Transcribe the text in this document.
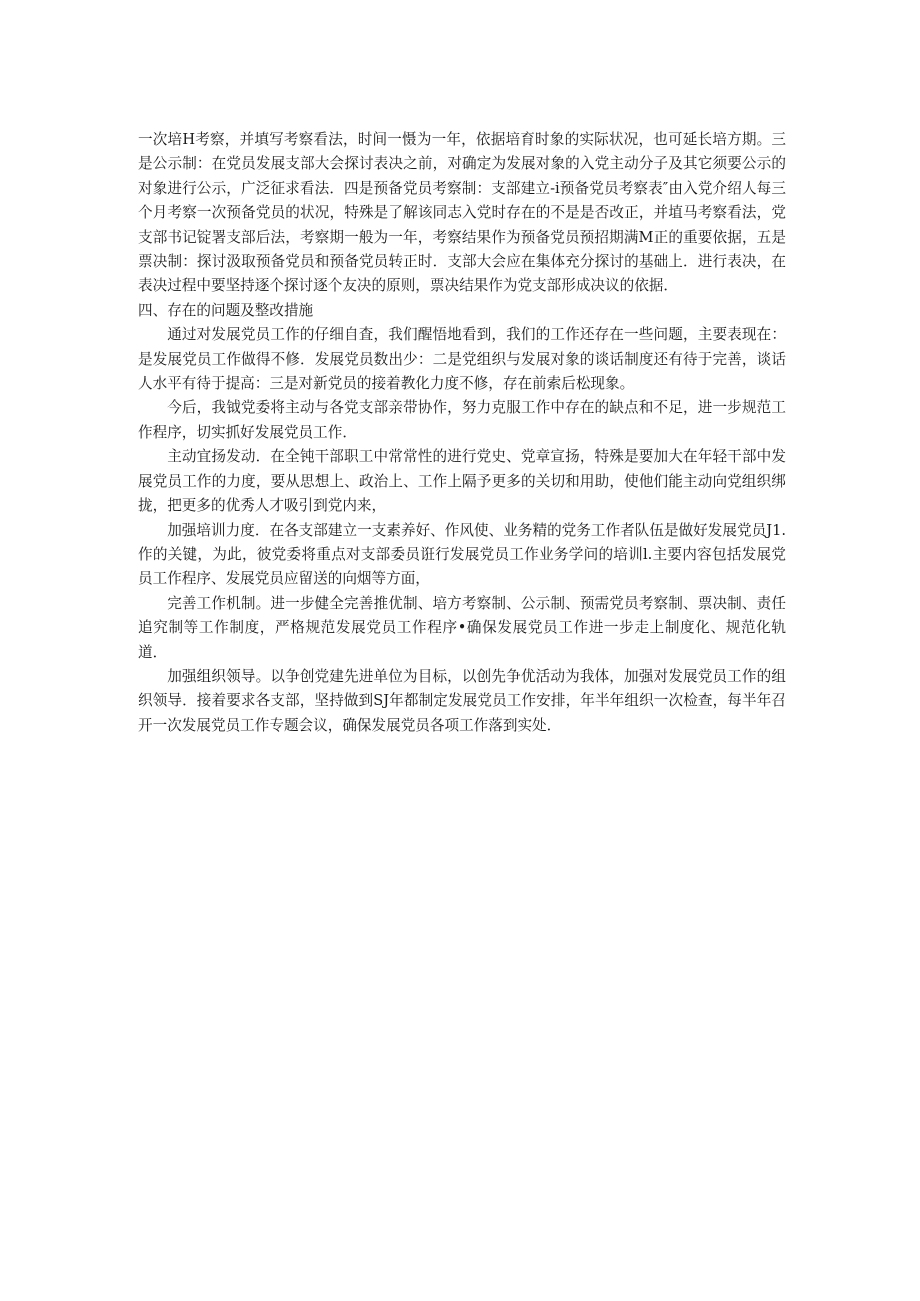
一次培H考察，并填写考察看法，时间一慑为一年，依据培育时象的实际状况，也可延长培方期。三是公示制：在党员发展支部大会探讨表决之前，对确定为发展对象的入党主动分子及其它须要公示的对象进行公示，广泛征求看法．四是预备党员考察制：支部建立-i预备党员考察表″由入党介绍人每三个月考察一次预备党员的状况，特殊是了解该同志入党时存在的不是是否改正，并埴马考察看法，党支部书记锭署支部后法，考察期一般为一年，考察结果作为预备党员预招期满M正的重要依据，五是票决制：探讨汲取预备党员和预备党员转正时．支部大会应在集体充分探讨的基础上．进行表决，在表决过程中要坚持逐个探讨逐个友决的原则，票决结果作为党支部形成决议的依据．

四、存在的问题及整改措施

通过对发展党员工作的仔细自査，我们醒悟地看到，我们的工作还存在一些问题，主要表现在：是发展党员工作做得不修．发展党员数出少：二是党组织与发展对象的谈话制度还有待于完善，谈话人水平有待于提高：三是对新党员的接着教化力度不修，存在前索后松现象。

今后，我钺党委将主动与各党支部亲带协作，努力克服工作中存在的缺点和不足，进一步规范工作程序，切实抓好发展党员工作．

主动宜扬发动．在全钝干部职工中常常性的进行党史、党章宣扬，特殊是要加大在年轻干部中发展党员工作的力度，要从思想上、政治上、工作上隔予更多的关切和用助，使他们能主动向党组织绑拢，把更多的优秀人才吸引到党内来，

加强培训力度．在各支部建立一支素养好、作风使、业务精的党务工作者队伍是做好发展党员J1.作的关键，为此，彼党委将重点对支部委员诳行发展党员工作业务学问的培训l.主要内容包括发展党员工作程序、发展党员应留送的向烟等方面，

完善工作机制。进一步健全完善推优制、培方考察制、公示制、预需党员考察制、票决制、责任追究制等工作制度，严格规范发展党员工作程序•确保发展党员工作进一步走上制度化、规范化轨道．

加强组织领导。以争创党建先进单位为目标，以创先争优活动为我体，加强对发展党员工作的组织领导．接着要求各支部，坚持做到SJ年都制定发展党员工作安排，年半年组织一次检查，每半年召开一次发展党员工作专题会议，确保发展党员各项工作落到实处．
